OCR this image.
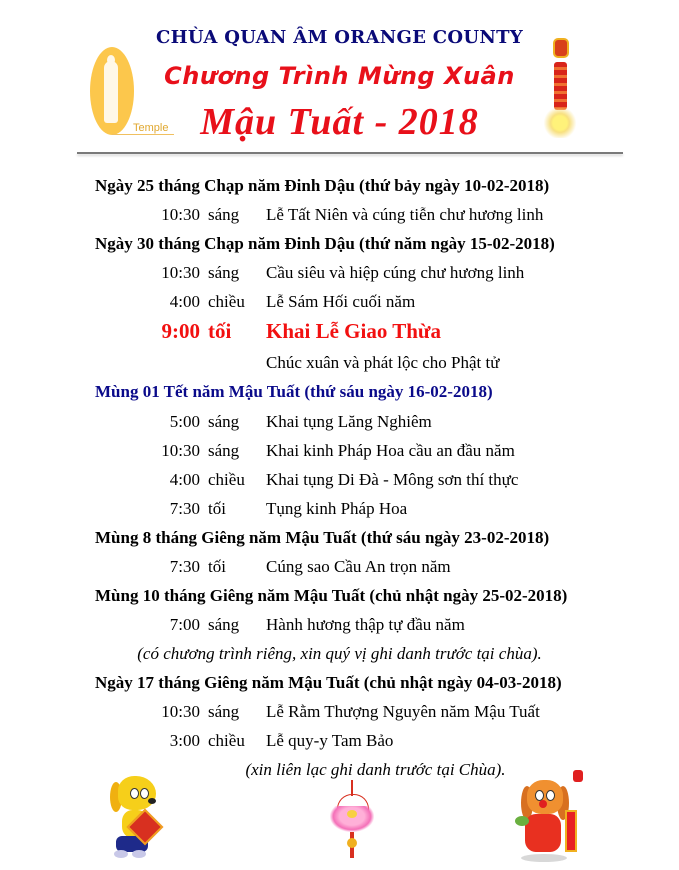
Temple
CHÙA QUAN ÂM ORANGE COUNTY
Chương Trình Mừng Xuân
Mậu Tuất - 2018
Ngày 25 tháng Chạp năm Đinh Dậu (thứ bảy ngày 10-02-2018)
10:30 sáng Lễ Tất Niên và cúng tiễn chư hương linh
Ngày 30 tháng Chạp năm Đinh Dậu (thứ năm ngày 15-02-2018)
10:30 sáng Cầu siêu và hiệp cúng chư hương linh
4:00 chiều Lễ Sám Hối cuối năm
9:00 tối Khai Lễ Giao Thừa
Chúc xuân và phát lộc cho Phật tử
Mùng 01 Tết năm Mậu Tuất (thứ sáu ngày 16-02-2018)
5:00 sáng Khai tụng Lăng Nghiêm
10:30 sáng Khai kinh Pháp Hoa cầu an đầu năm
4:00 chiều Khai tụng Di Đà - Mông sơn thí thực
7:30 tối Tụng kinh Pháp Hoa
Mùng 8 tháng Giêng năm Mậu Tuất (thứ sáu ngày 23-02-2018)
7:30 tối Cúng sao Cầu An trọn năm
Mùng 10 tháng Giêng năm Mậu Tuất (chủ nhật ngày 25-02-2018)
7:00 sáng Hành hương thập tự đầu năm
(có chương trình riêng, xin quý vị ghi danh trước tại chùa).
Ngày 17 tháng Giêng năm Mậu Tuất (chủ nhật ngày 04-03-2018)
10:30 sáng Lễ Rằm Thượng Nguyên năm Mậu Tuất
3:00 chiều Lễ quy-y Tam Bảo
(xin liên lạc ghi danh trước tại Chùa).
